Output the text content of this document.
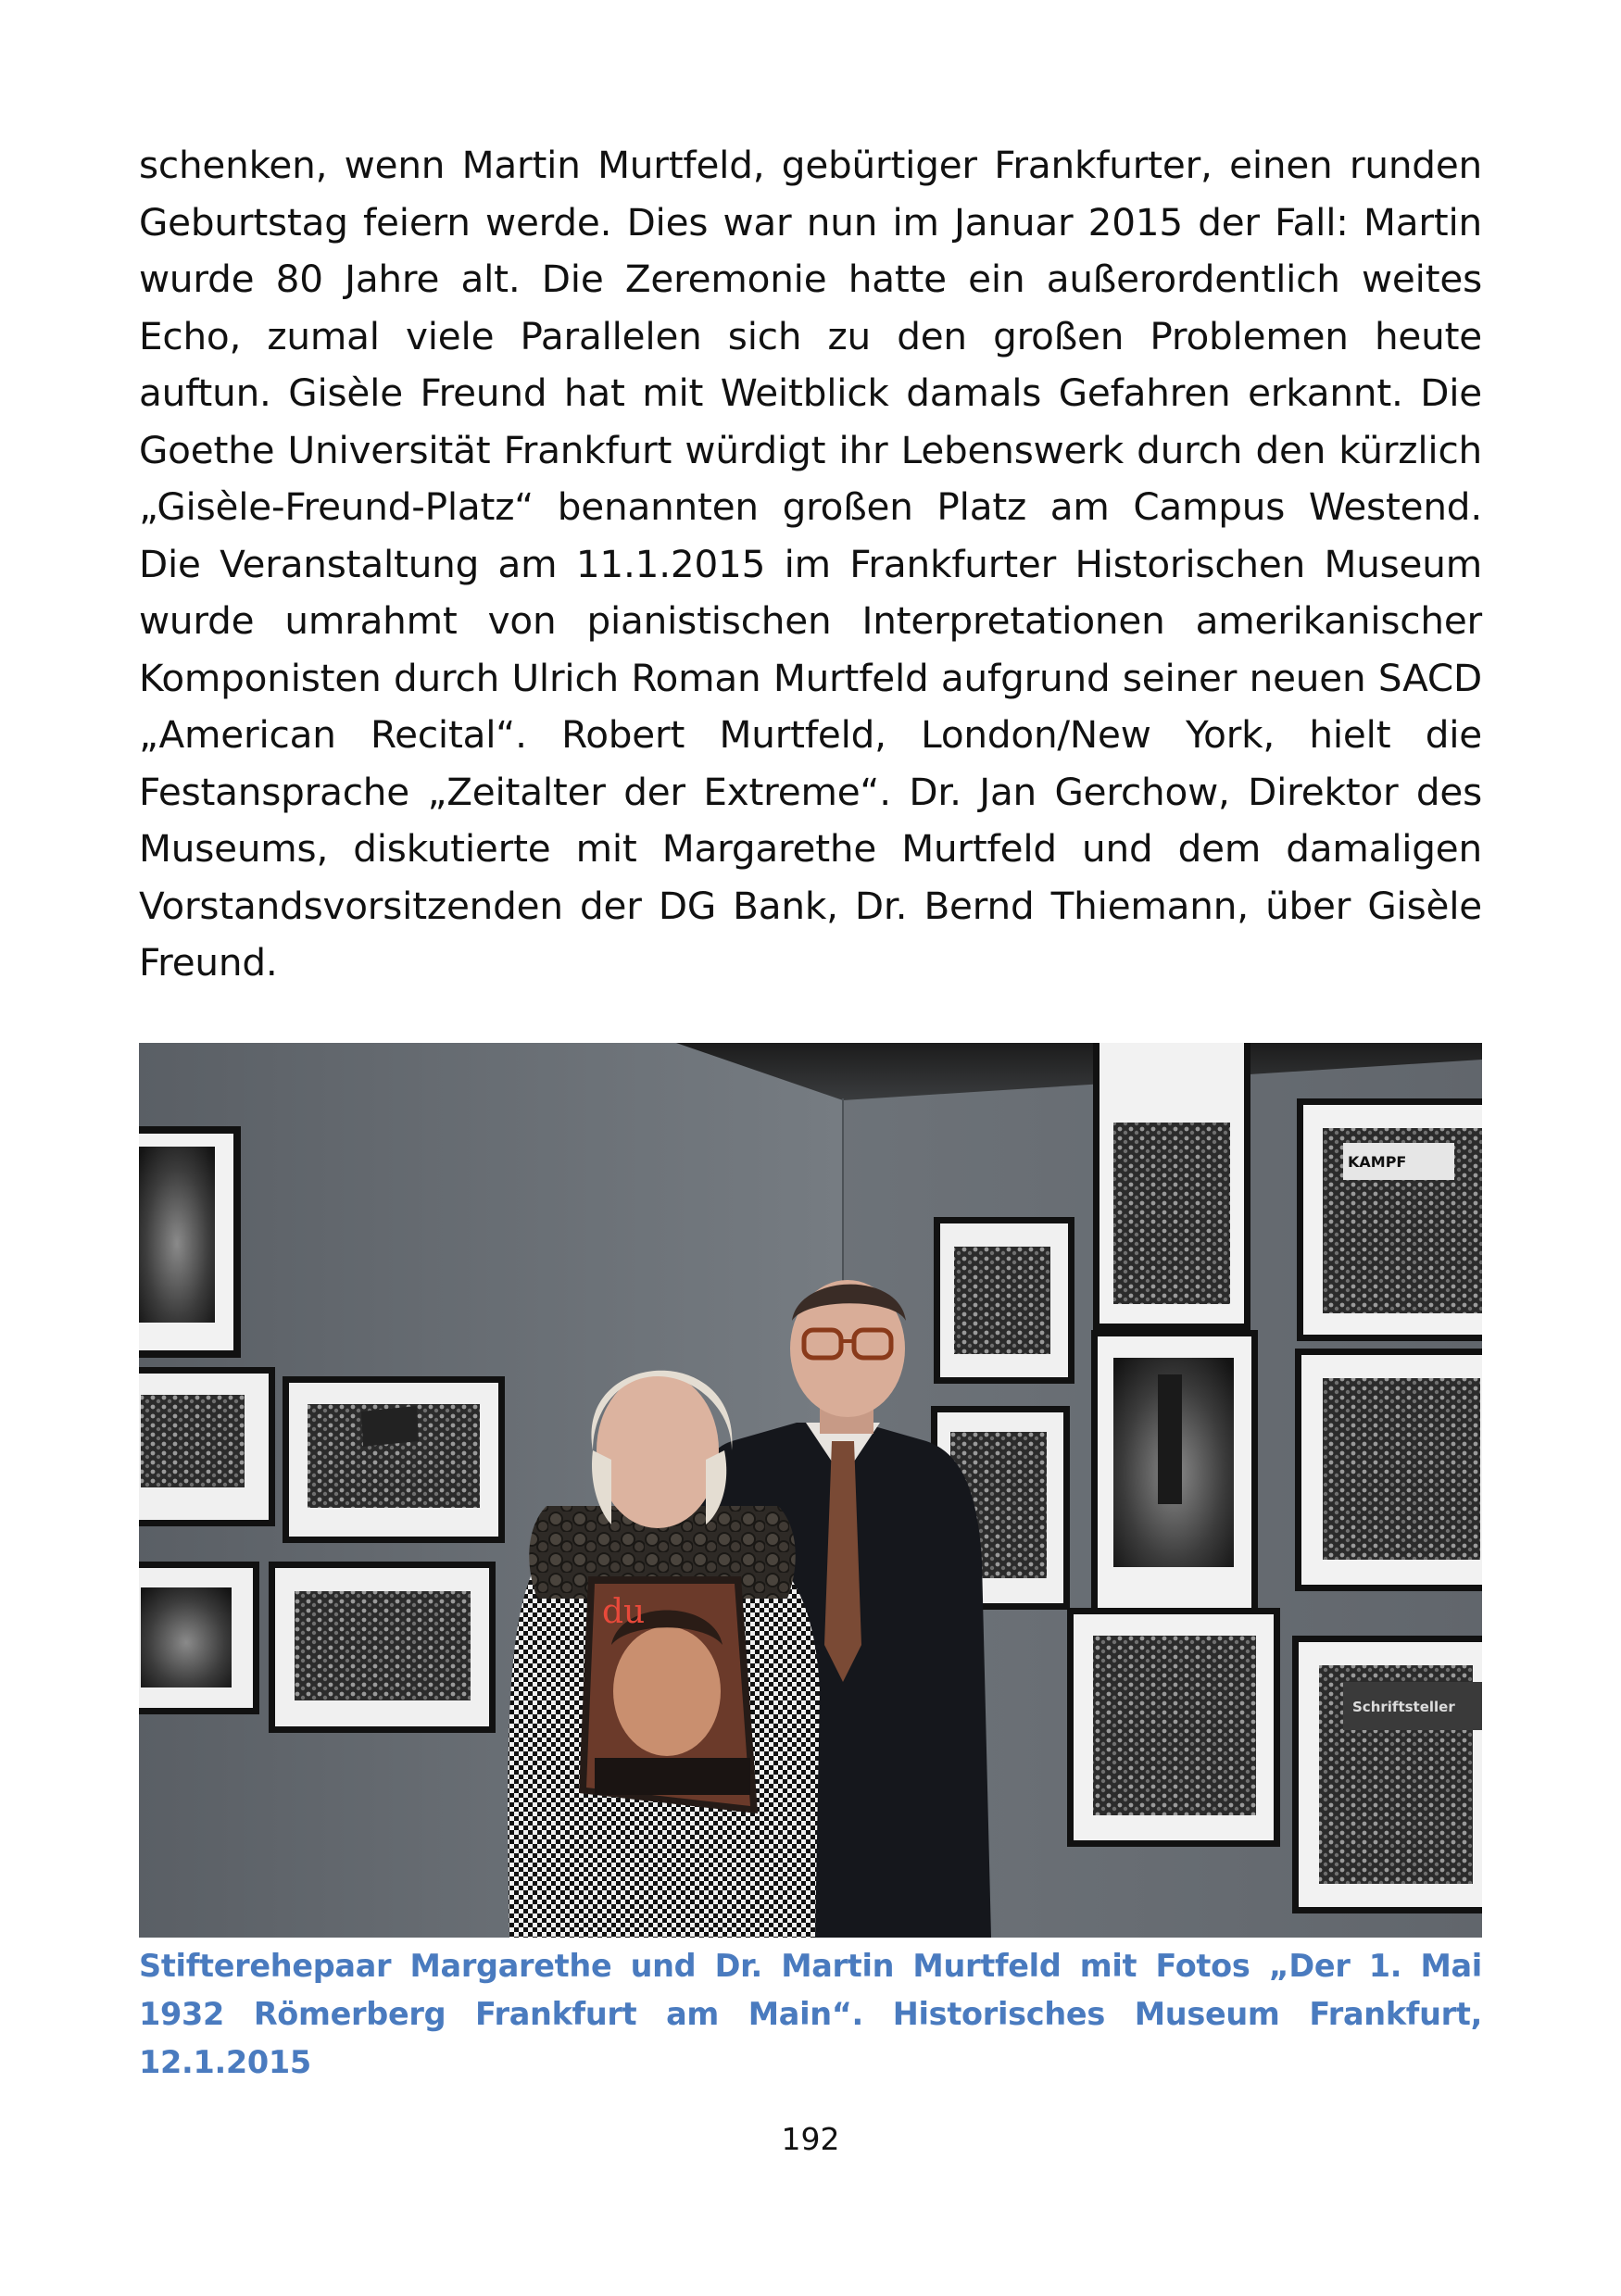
schenken, wenn Martin Murtfeld, gebürtiger Frankfurter, einen runden Geburtstag feiern werde. Dies war nun im Januar 2015 der Fall: Martin wurde 80 Jahre alt. Die Zeremonie hatte ein außerordentlich weites Echo, zumal viele Parallelen sich zu den großen Problemen heute auftun. Gisèle Freund hat mit Weitblick damals Gefahren erkannt. Die Goethe Universität Frankfurt würdigt ihr Lebenswerk durch den kürzlich „Gisèle-Freund-Platz“ benannten großen Platz am Campus Westend. Die Veranstaltung am 11.1.2015 im Frankfurter Historischen Museum wurde umrahmt von pianistischen Interpretationen amerikanischer Komponisten durch Ulrich Roman Murtfeld aufgrund seiner neuen SACD „American Recital“. Robert Murtfeld, London/New York, hielt die Festansprache „Zeitalter der Extreme“. Dr. Jan Gerchow, Direktor des Museums, diskutierte mit Margarethe Murtfeld und dem damaligen Vorstandsvorsitzenden der DG Bank, Dr. Bernd Thiemann, über Gisèle Freund.

KAMPF
Schriftsteller
du

Stifterehepaar Margarethe und Dr. Martin Murtfeld mit Fotos „Der 1. Mai 1932 Römerberg Frankfurt am Main“. Historisches Museum Frankfurt, 12.1.2015

192
